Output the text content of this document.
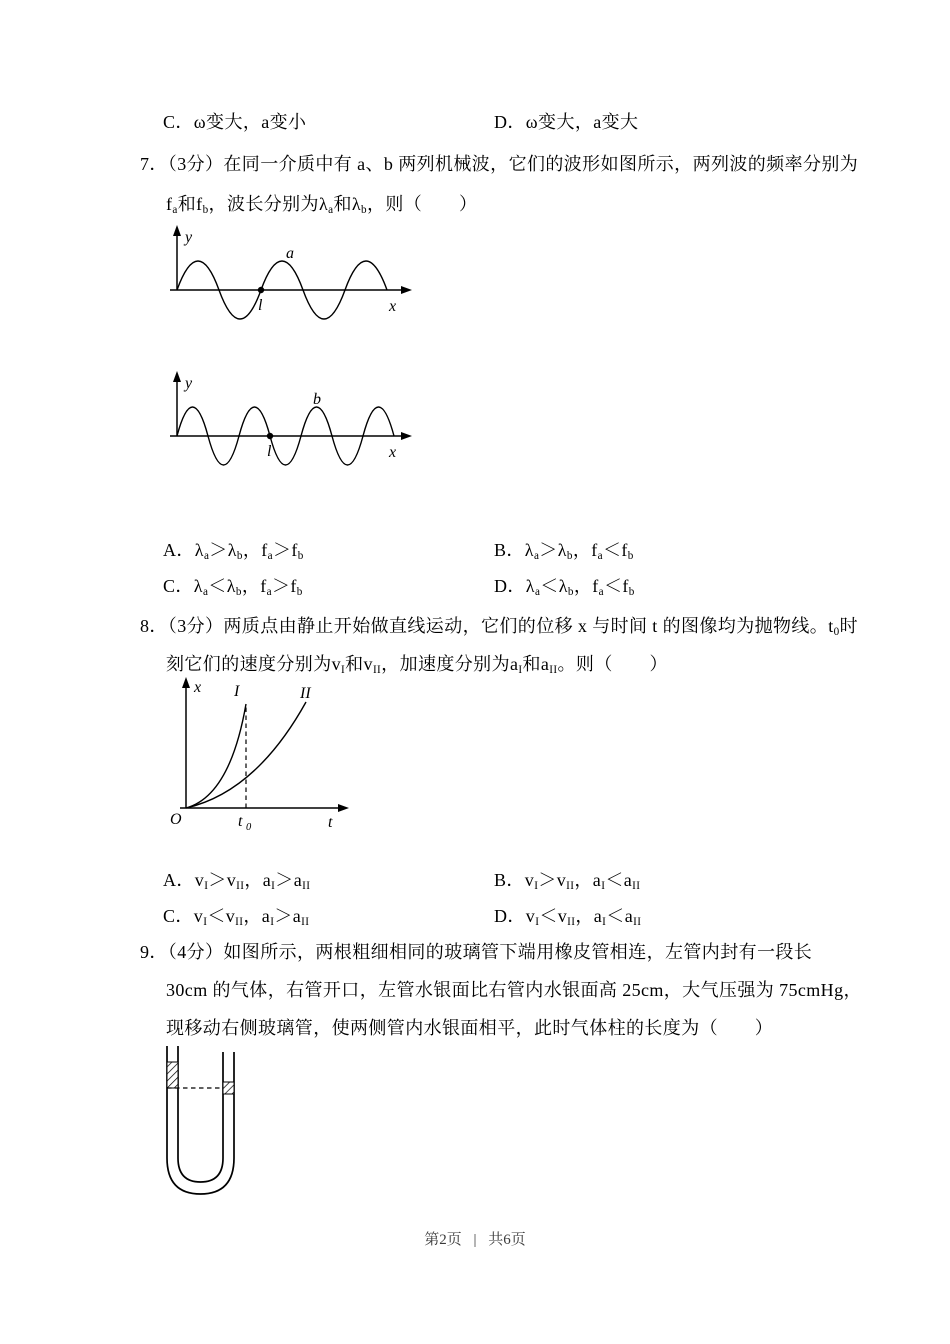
C．ω变大，a变小	D．ω变大，a变大
7．（3分）在同一介质中有 a、b 两列机械波，它们的波形如图所示，两列波的频率分别为
$f_a$和$f_b$，波长分别为$\lambda_a$和$\lambda_b$，则（　　）
y
x
a
l
y
x
b
l
A．$\lambda_a>\lambda_b$，$f_a>f_b$	B．$\lambda_a>\lambda_b$，$f_a<f_b$
C．$\lambda_a<\lambda_b$，$f_a>f_b$	D．$\lambda_a<\lambda_b$，$f_a<f_b$
8．（3分）两质点由静止开始做直线运动，它们的位移 x 与时间 t 的图像均为抛物线。$t_0$时
刻它们的速度分别为$v_I$和$v_{II}$，加速度分别为$a_I$和$a_{II}$。则（　　）
x
t
O
I	II
t 0
A．$v_I>v_{II}$，$a_I>a_{II}$	B．$v_I>v_{II}$，$a_I<a_{II}$
C．$v_I<v_{II}$，$a_I>a_{II}$	D．$v_I<v_{II}$，$a_I<a_{II}$
9．（4分）如图所示，两根粗细相同的玻璃管下端用橡皮管相连，左管内封有一段长
30cm 的气体，右管开口，左管水银面比右管内水银面高 25cm，大气压强为 75cmHg，
现移动右侧玻璃管，使两侧管内水银面相平，此时气体柱的长度为（　　）
第2页 | 共6页
